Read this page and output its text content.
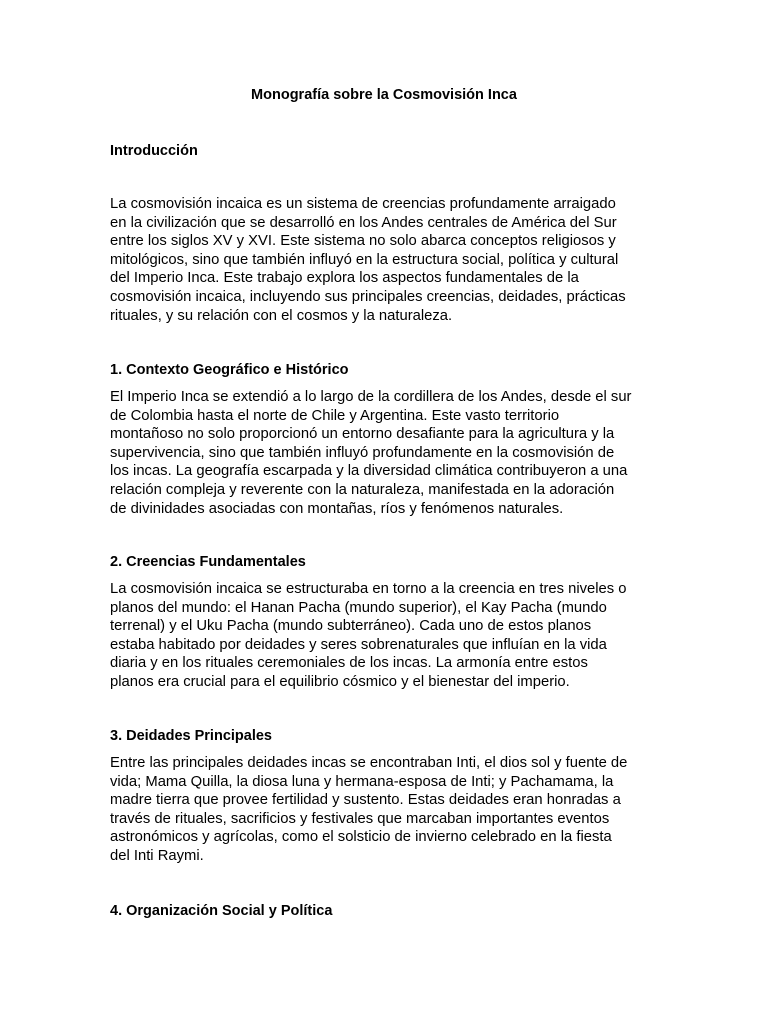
Monografía sobre la Cosmovisión Inca
Introducción
La cosmovisión incaica es un sistema de creencias profundamente arraigado
en la civilización que se desarrolló en los Andes centrales de América del Sur
entre los siglos XV y XVI. Este sistema no solo abarca conceptos religiosos y
mitológicos, sino que también influyó en la estructura social, política y cultural
del Imperio Inca. Este trabajo explora los aspectos fundamentales de la
cosmovisión incaica, incluyendo sus principales creencias, deidades, prácticas
rituales, y su relación con el cosmos y la naturaleza.
1. Contexto Geográfico e Histórico
El Imperio Inca se extendió a lo largo de la cordillera de los Andes, desde el sur
de Colombia hasta el norte de Chile y Argentina. Este vasto territorio
montañoso no solo proporcionó un entorno desafiante para la agricultura y la
supervivencia, sino que también influyó profundamente en la cosmovisión de
los incas. La geografía escarpada y la diversidad climática contribuyeron a una
relación compleja y reverente con la naturaleza, manifestada en la adoración
de divinidades asociadas con montañas, ríos y fenómenos naturales.
2. Creencias Fundamentales
La cosmovisión incaica se estructuraba en torno a la creencia en tres niveles o
planos del mundo: el Hanan Pacha (mundo superior), el Kay Pacha (mundo
terrenal) y el Uku Pacha (mundo subterráneo). Cada uno de estos planos
estaba habitado por deidades y seres sobrenaturales que influían en la vida
diaria y en los rituales ceremoniales de los incas. La armonía entre estos
planos era crucial para el equilibrio cósmico y el bienestar del imperio.
3. Deidades Principales
Entre las principales deidades incas se encontraban Inti, el dios sol y fuente de
vida; Mama Quilla, la diosa luna y hermana-esposa de Inti; y Pachamama, la
madre tierra que provee fertilidad y sustento. Estas deidades eran honradas a
través de rituales, sacrificios y festivales que marcaban importantes eventos
astronómicos y agrícolas, como el solsticio de invierno celebrado en la fiesta
del Inti Raymi.
4. Organización Social y Política
